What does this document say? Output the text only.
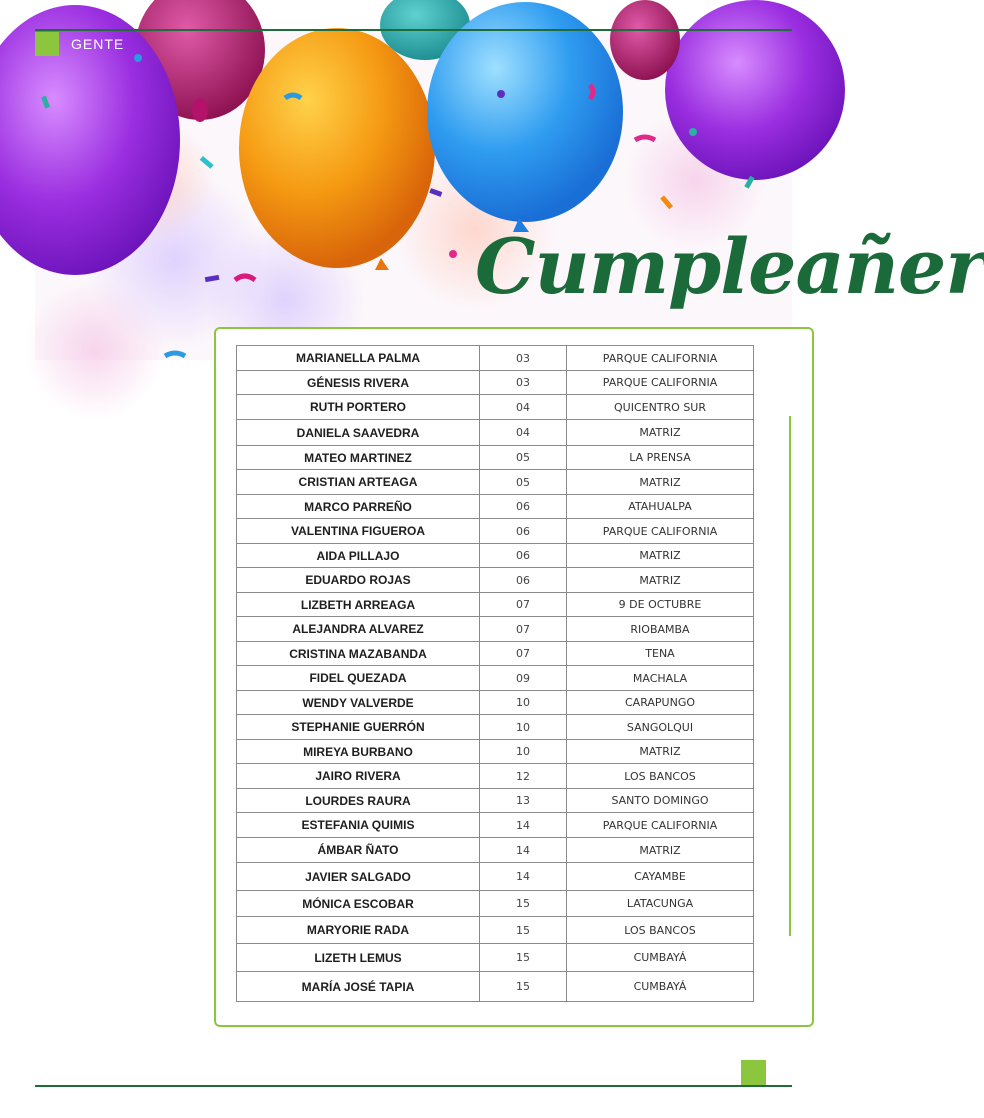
GENTE
Cumpleañer
MARIANELLA PALMA	03	PARQUE CALIFORNIA
GÉNESIS RIVERA	03	PARQUE CALIFORNIA
RUTH PORTERO	04	QUICENTRO SUR
DANIELA SAAVEDRA	04	MATRIZ
MATEO MARTINEZ	05	LA PRENSA
CRISTIAN ARTEAGA	05	MATRIZ
MARCO PARREÑO	06	ATAHUALPA
VALENTINA FIGUEROA	06	PARQUE CALIFORNIA
AIDA PILLAJO	06	MATRIZ
EDUARDO ROJAS	06	MATRIZ
LIZBETH ARREAGA	07	9 DE OCTUBRE
ALEJANDRA ALVAREZ	07	RIOBAMBA
CRISTINA MAZABANDA	07	TENA
FIDEL QUEZADA	09	MACHALA
WENDY VALVERDE	10	CARAPUNGO
STEPHANIE GUERRÓN	10	SANGOLQUI
MIREYA BURBANO	10	MATRIZ
JAIRO RIVERA	12	LOS BANCOS
LOURDES RAURA	13	SANTO DOMINGO
ESTEFANIA QUIMIS	14	PARQUE CALIFORNIA
ÁMBAR ÑATO	14	MATRIZ
JAVIER SALGADO	14	CAYAMBE
MÓNICA ESCOBAR	15	LATACUNGA
MARYORIE RADA	15	LOS BANCOS
LIZETH LEMUS	15	CUMBAYÁ
MARÍA JOSÉ TAPIA	15	CUMBAYÁ
